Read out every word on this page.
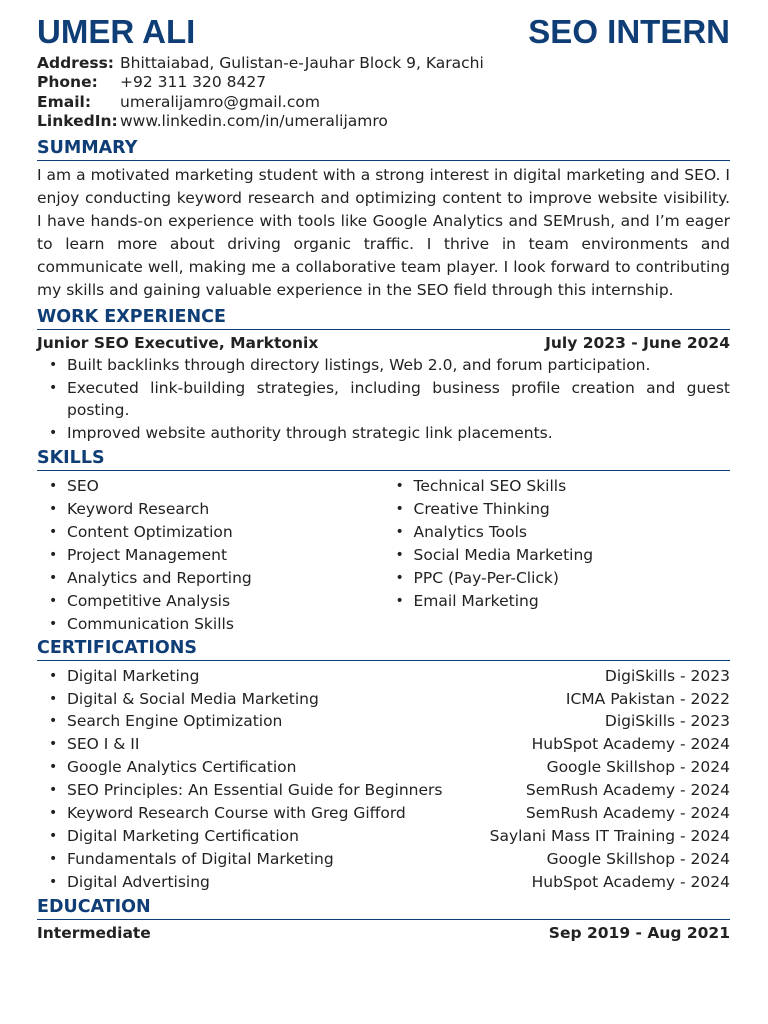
UMER ALI	SEO INTERN
Address: Bhittaiabad, Gulistan-e-Jauhar Block 9, Karachi
Phone:	+92 311 320 8427
Email:	umeralijamro@gmail.com
LinkedIn: www.linkedin.com/in/umeralijamro
SUMMARY
I am a motivated marketing student with a strong interest in digital marketing and SEO. I enjoy conducting keyword research and optimizing content to improve website visibility. I have hands-on experience with tools like Google Analytics and SEMrush, and I’m eager to learn more about driving organic traffic. I thrive in team environments and communicate well, making me a collaborative team player. I look forward to contributing my skills and gaining valuable experience in the SEO field through this internship.
WORK EXPERIENCE
Junior SEO Executive, Marktonix	July 2023 - June 2024
• Built backlinks through directory listings, Web 2.0, and forum participation.
• Executed link-building strategies, including business profile creation and guest posting.
• Improved website authority through strategic link placements.
SKILLS
• SEO
• Keyword Research
• Content Optimization
• Project Management
• Analytics and Reporting
• Competitive Analysis
• Communication Skills
• Technical SEO Skills
• Creative Thinking
• Analytics Tools
• Social Media Marketing
• PPC (Pay-Per-Click)
• Email Marketing
CERTIFICATIONS
• Digital Marketing	DigiSkills - 2023
• Digital & Social Media Marketing	ICMA Pakistan - 2022
• Search Engine Optimization	DigiSkills - 2023
• SEO I & II	HubSpot Academy - 2024
• Google Analytics Certification	Google Skillshop - 2024
• SEO Principles: An Essential Guide for Beginners	SemRush Academy - 2024
• Keyword Research Course with Greg Gifford	SemRush Academy - 2024
• Digital Marketing Certification	Saylani Mass IT Training - 2024
• Fundamentals of Digital Marketing	Google Skillshop - 2024
• Digital Advertising	HubSpot Academy - 2024
EDUCATION
Intermediate	Sep 2019 - Aug 2021
